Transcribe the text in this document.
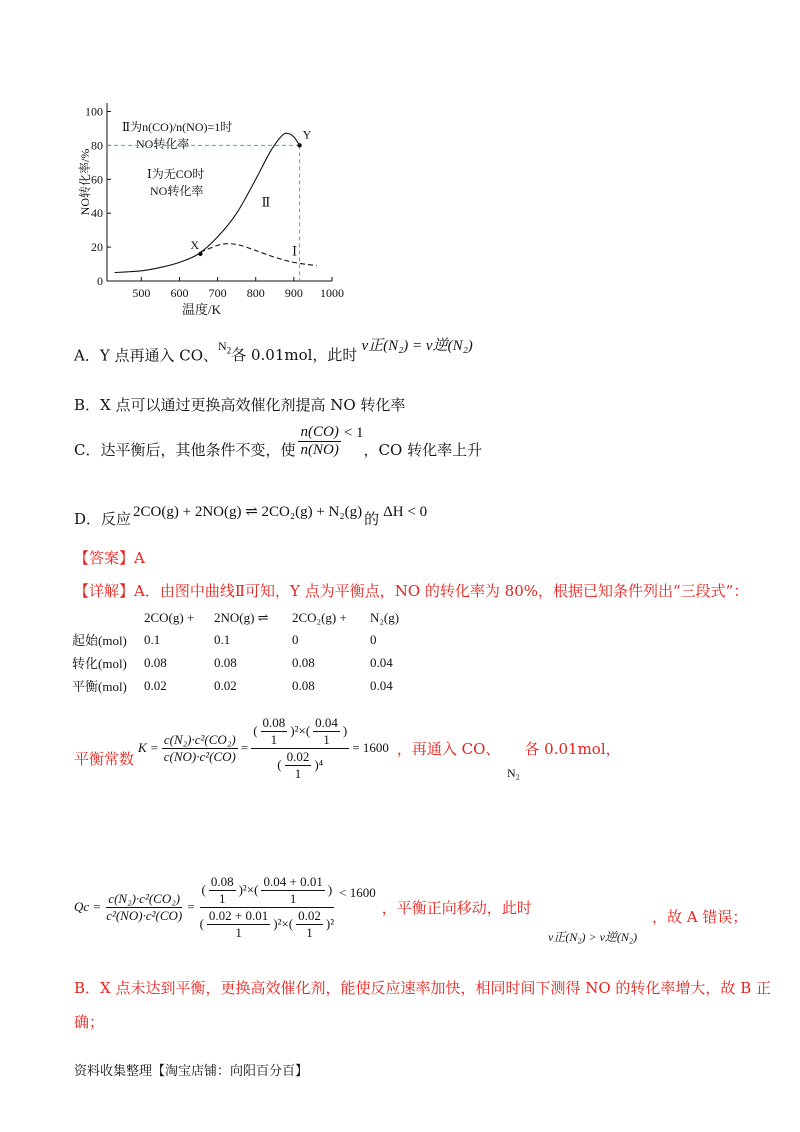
Ⅱ为n(CO)/n(NO)=1时
NO转化率
Ⅰ为无CO时
NO转化率
0
20
40
60
80
100
500 600 700 800 900 1000
温度/K
NO转化率/%	Ⅱ
Ⅰ
X
Y
A．Y 点再通入 CO、$^{N_2}$各 0.01mol，此时 v正(N₂) = v逆(N₂)
B．X 点可以通过更换高效催化剂提高 NO 转化率
C．达平衡后，其他条件不变，使 $\frac{n(CO)}{n(NO)} < 1$
，CO 转化率上升
D．反应 2CO(g) + 2NO(g) ⇌ 2CO₂(g) + N₂(g) 的 ΔH < 0
【答案】A
【详解】A．由图中曲线Ⅱ可知，Y 点为平衡点，NO 的转化率为 80%，根据已知条件列出“三段式”：
	2CO(g) +	2NO(g) ⇌	2CO₂(g) +	N₂(g)
起始(mol)	0.1	0.1	0	0
转化(mol)	0.08	0.08	0.08	0.04
平衡(mol)	0.02	0.02	0.08	0.04
平衡常数
$K = \frac{\text{c(N₂)·c²(CO₂)}}{\text{c(NO)·c²(CO)}} = \frac{( \frac{0.08}{1} )^2\times( \frac{0.04}{1} )}{( \frac{0.02}{1} )^4} = 1600$ ，再通入 CO、 各 0.01mol，
N₂
$Qc = \frac{\text{c(N₂)·c²(CO₂)}}{\text{c²(NO)·c²(CO)}} = \frac{( \frac{0.08}{1} )^2\times( \frac{0.04 + 0.01}{1} )}{( \frac{0.02 + 0.01}{1} )^2\times( \frac{0.02}{1} )^2} < 1600$
，平衡正向移动，此时
v正(N₂) > v逆(N₂)
，故 A 错误；
B．X 点未达到平衡，更换高效催化剂，能使反应速率加快，相同时间下测得 NO 的转化率增大，故 B 正
确；
资料收集整理【淘宝店铺：向阳百分百】
